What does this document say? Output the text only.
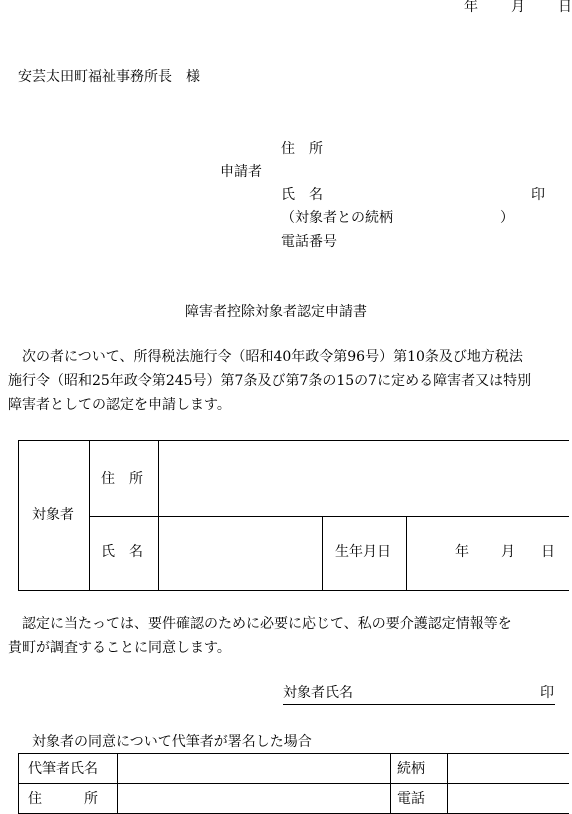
年 月 日
安芸太田町福祉事務所長　様
住　所
申請者
氏　名	印
（対象者との続柄	）
電話番号
障害者控除対象者認定申請書
　次の者について、所得税法施行令（昭和40年政令第96号）第10条及び地方税法
施行令（昭和25年政令第245号）第7条及び第7条の15の7に定める障害者又は特別
障害者としての認定を申請します。
対象者
住　所
氏　名	生年月日	年 月 日
　認定に当たっては、要件確認のために必要に応じて、私の要介護認定情報等を
貴町が調査することに同意します。
対象者氏名	印
対象者の同意について代筆者が署名した場合
代筆者氏名	続柄
住　　　所	電話
